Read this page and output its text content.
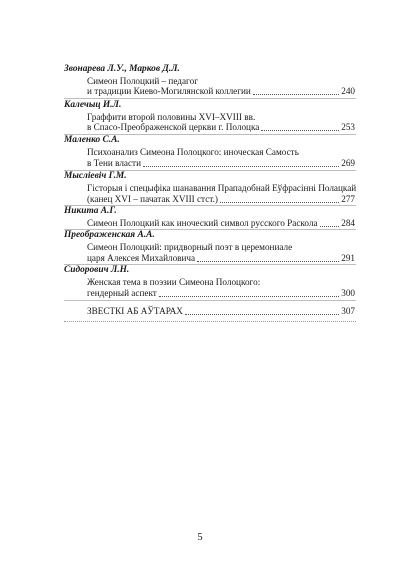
Звонарева Л.У., Марков Д.Л.
Симеон Полоцкий – педагог
и традиции Киево-Могилянской коллегии	240
Калечыц И.Л.
Граффити второй половины XVI–XVIII вв.
в Спасо-Преображенской церкви г. Полоцка	253
Маленко С.А.
Психоанализ Симеона Полоцкого: иноческая Самость
в Тени власти	269
Мысліевіч Г.М.
Гісторыя і спецыфіка шанавання Прападобнай Еўфрасінні Полацкай
(канец XVI – пачатак XVIII стст.)	277
Никита А.Г.
Симеон Полоцкий как иноческий символ русского Раскола	284
Преображенская А.А.
Симеон Полоцкий: придворный поэт в церемониале
царя Алексея Михайловича	291
Сидорович Л.Н.
Женская тема в поэзии Симеона Полоцкого:
гендерный аспект	300
ЗВЕСТКІ АБ АЎТАРАХ	307
5
